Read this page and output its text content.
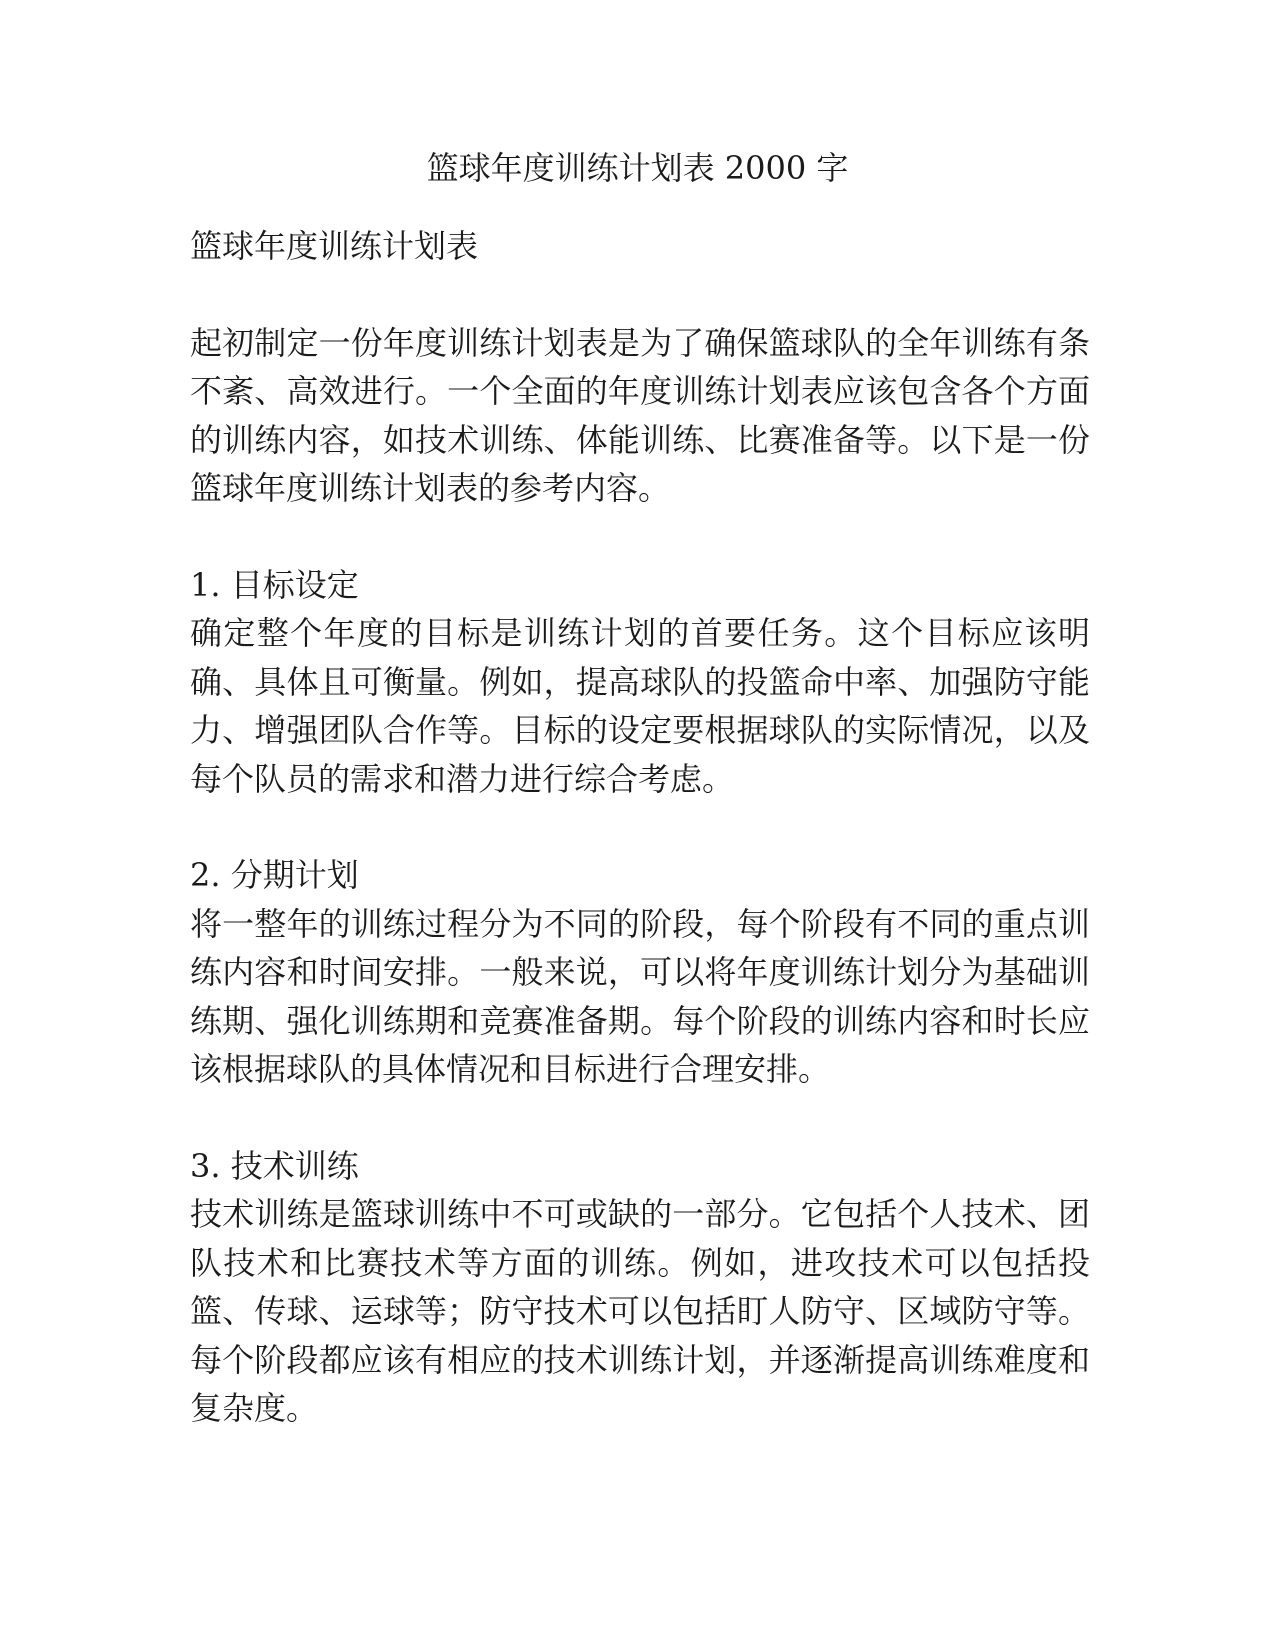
篮球年度训练计划表 2000 字

篮球年度训练计划表

起初制定一份年度训练计划表是为了确保篮球队的全年训练有条不紊、高效进行。一个全面的年度训练计划表应该包含各个方面的训练内容，如技术训练、体能训练、比赛准备等。以下是一份篮球年度训练计划表的参考内容。

1. 目标设定

确定整个年度的目标是训练计划的首要任务。这个目标应该明确、具体且可衡量。例如，提高球队的投篮命中率、加强防守能力、增强团队合作等。目标的设定要根据球队的实际情况，以及每个队员的需求和潜力进行综合考虑。

2. 分期计划

将一整年的训练过程分为不同的阶段，每个阶段有不同的重点训练内容和时间安排。一般来说，可以将年度训练计划分为基础训练期、强化训练期和竞赛准备期。每个阶段的训练内容和时长应该根据球队的具体情况和目标进行合理安排。

3. 技术训练

技术训练是篮球训练中不可或缺的一部分。它包括个人技术、团队技术和比赛技术等方面的训练。例如，进攻技术可以包括投篮、传球、运球等；防守技术可以包括盯人防守、区域防守等。每个阶段都应该有相应的技术训练计划，并逐渐提高训练难度和复杂度。
